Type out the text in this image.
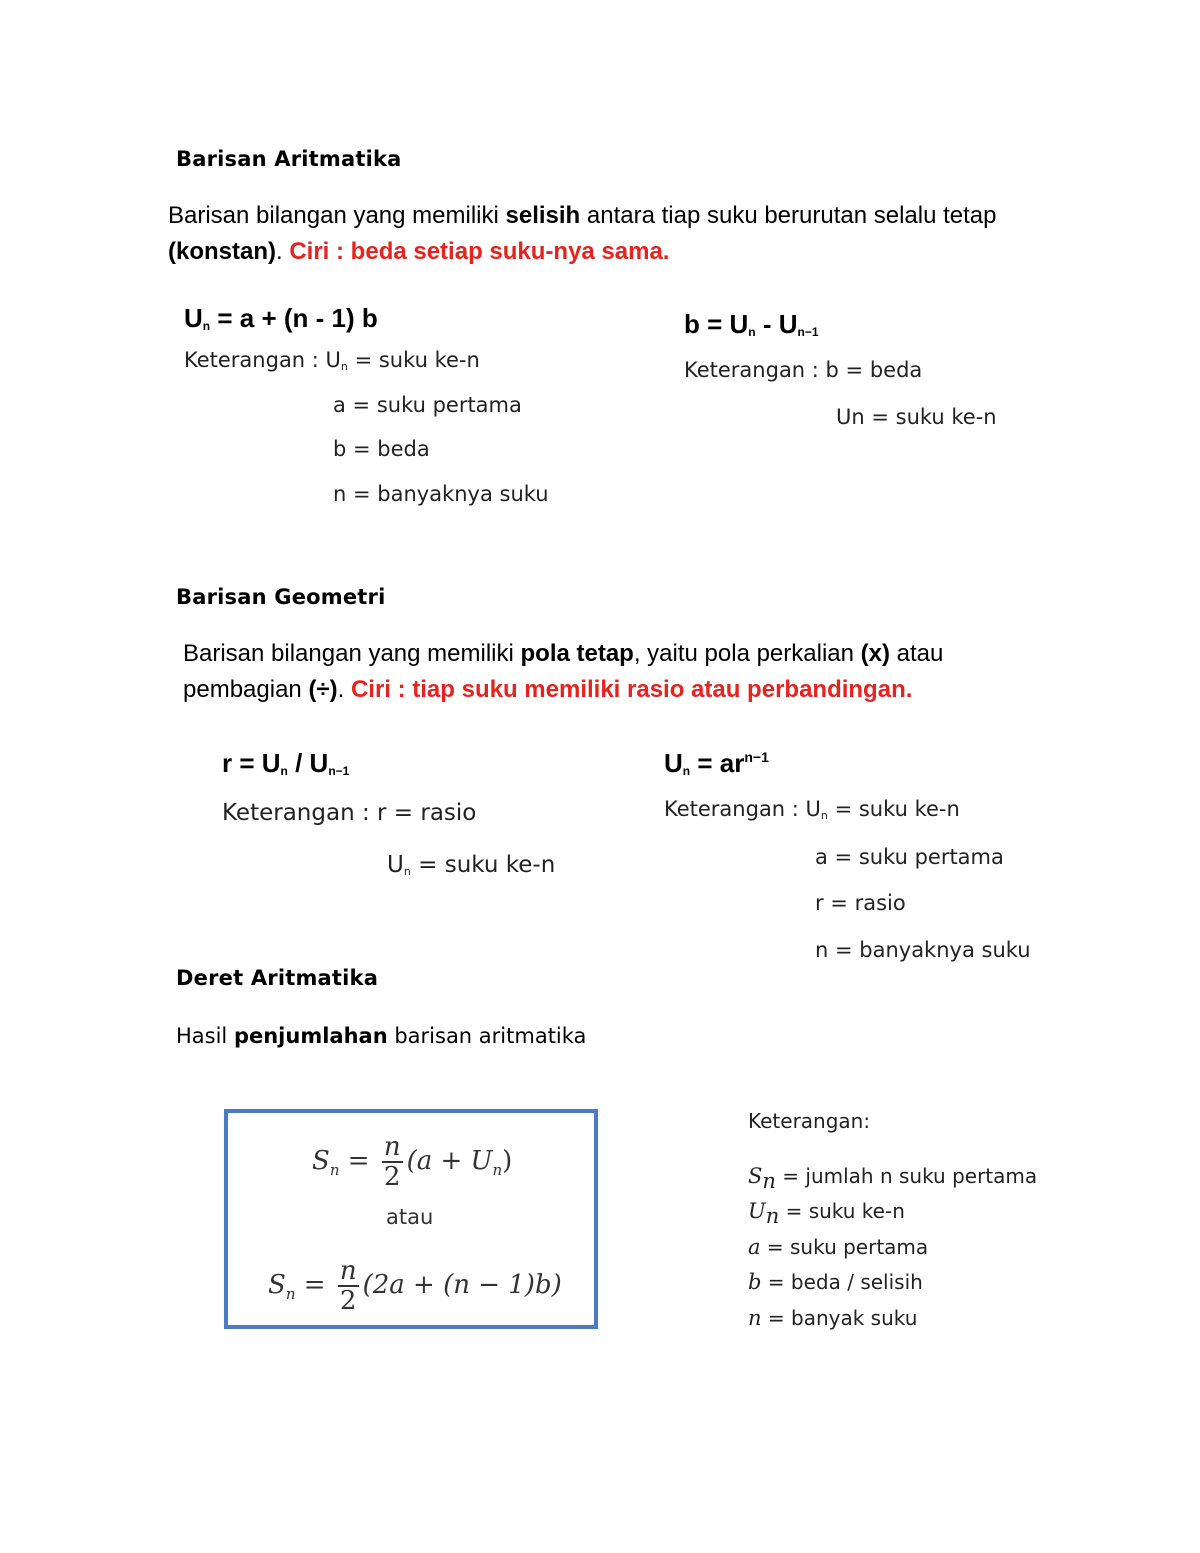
Barisan Aritmatika
Barisan bilangan yang memiliki selisih antara tiap suku berurutan selalu tetap (konstan). Ciri : beda setiap suku-nya sama.
$U_n = a + (n - 1)$ b	$b = U_n - U_{n-1}$
Keterangan : $U_n$ = suku ke-n
a = suku pertama
b = beda
n = banyaknya suku
Keterangan : b = beda
Un = suku ke-n
Barisan Geometri
Barisan bilangan yang memiliki pola tetap, yaitu pola perkalian (x) atau pembagian (÷). Ciri : tiap suku memiliki rasio atau perbandingan.
$r = U_n / U_{n-1}$	$U_n = ar^{n-1}$
Keterangan : r = rasio
$U_n$ = suku ke-n
Keterangan : $U_n$ = suku ke-n
a = suku pertama
r = rasio
n = banyaknya suku
Deret Aritmatika
Hasil penjumlahan barisan aritmatika
$S_n = \frac{n}{2} (a + U_n)$
atau
$S_n = \frac{n}{2} (2a + (n - 1)b)$
Keterangan:
$S_n$ = jumlah n suku pertama
$U_n$ = suku ke-n
a = suku pertama
b = beda / selisih
n = banyak suku
